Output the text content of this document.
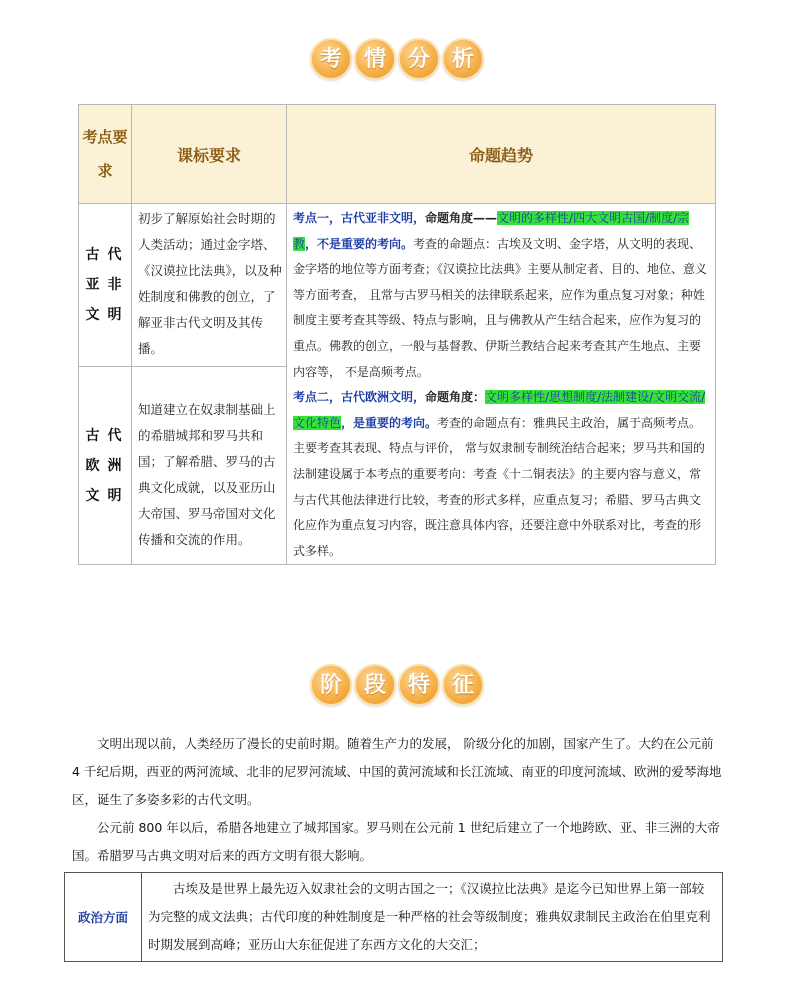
考 情 分 析
考点要求	课标要求	命题趋势
古代亚非文明	初步了解原始社会时期的人类活动；通过金字塔、《汉谟拉比法典》，以及种姓制度和佛教的创立，了解亚非古代文明及其传播。	考点一，古代亚非文明，命题角度——文明的多样性/四大文明古国/制度/宗教，不是重要的考向。考查的命题点：古埃及文明、金字塔，从文明的表现、金字塔的地位等方面考查；《汉谟拉比法典》主要从制定者、目的、地位、意义等方面考查， 且常与古罗马相关的法律联系起来，应作为重点复习对象；种姓制度主要考查其等级、特点与影响，且与佛教从产生结合起来，应作为复习的重点。佛教的创立，一般与基督教、伊斯兰教结合起来考查其产生地点、主要内容等， 不是高频考点。
考点二，古代欧洲文明，命题角度：文明多样性/思想制度/法制建设/文明交流/文化特色，是重要的考向。考查的命题点有：雅典民主政治，属于高频考点。主要考查其表现、特点与评价， 常与奴隶制专制统治结合起来；罗马共和国的法制建设属于本考点的重要考向：考查《十二铜表法》的主要内容与意义，常与古代其他法律进行比较，考查的形式多样，应重点复习；希腊、罗马古典文化应作为重点复习内容，既注意具体内容，还要注意中外联系对比，考查的形式多样。

古代欧洲文明	知道建立在奴隶制基础上的希腊城邦和罗马共和国；了解希腊、罗马的古典文化成就，以及亚历山大帝国、罗马帝国对文化传播和交流的作用。	
阶 段 特 征

文明出现以前，人类经历了漫长的史前时期。随着生产力的发展， 阶级分化的加剧，国家产生了。大约在公元前 4 千纪后期，西亚的两河流域、北非的尼罗河流域、中国的黄河流域和长江流域、南亚的印度河流域、欧洲的爱琴海地区，诞生了多姿多彩的古代文明。

公元前 800 年以后，希腊各地建立了城邦国家。罗马则在公元前 1 世纪后建立了一个地跨欧、亚、非三洲的大帝国。希腊罗马古典文明对后来的西方文明有很大影响。

政治方面	古埃及是世界上最先迈入奴隶社会的文明古国之一；《汉谟拉比法典》是迄今已知世界上第一部较为完整的成文法典；古代印度的种姓制度是一种严格的社会等级制度；雅典奴隶制民主政治在伯里克利时期发展到高峰；亚历山大东征促进了东西方文化的大交汇；
